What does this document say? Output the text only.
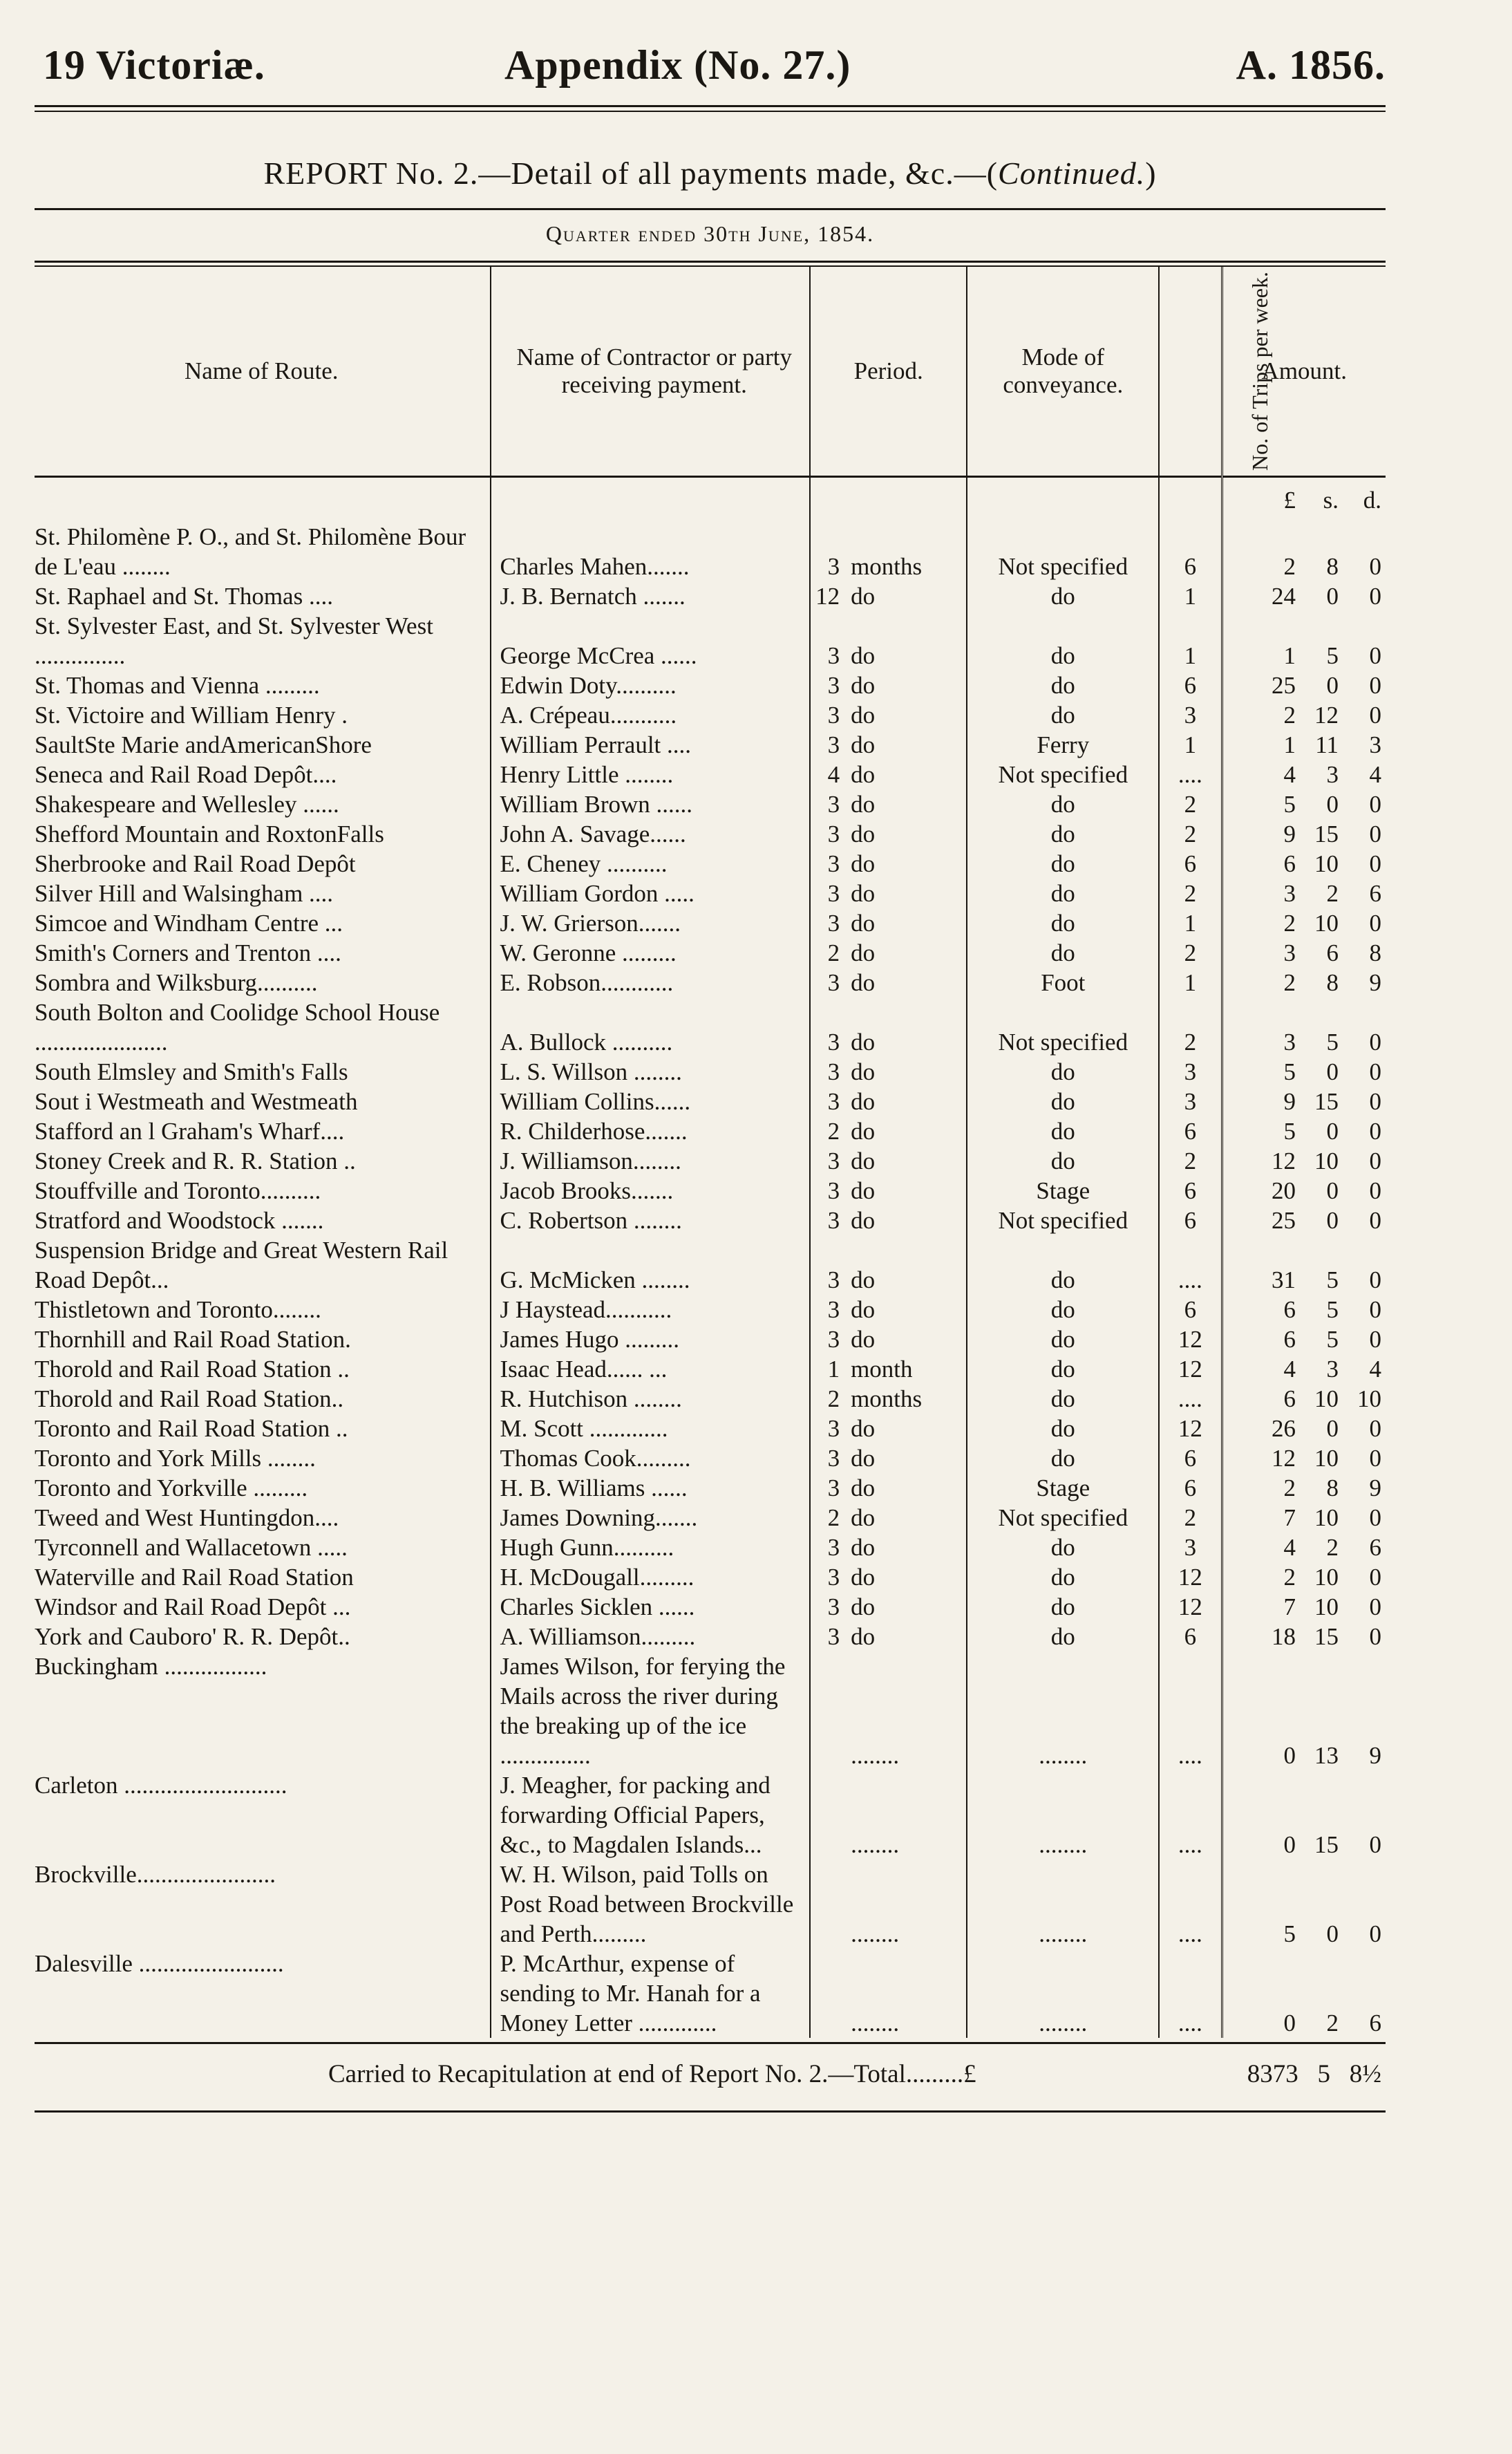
19 Victoriæ.	Appendix (No. 27.)	A. 1856.
REPORT No. 2.—Detail of all payments made, &c.—(Continued.)
Quarter ended 30th June, 1854.
Name of Route.	Name of Contractor or party receiving payment.	Period.	Mode of conveyance.	No. of Trips per week.	Amount.

					£ s. d.

St. Philomène P. O., and St. Philomène Bour de L'eau ........	Charles Mahen.......	3 months	Not specified	6	2 8 0

St. Raphael and St. Thomas ....	J. B. Bernatch .......	12 do	do	1	24 0 0

St. Sylvester East, and St. Sylvester West ...............	George McCrea ......	3 do	do	1	1 5 0

St. Thomas and Vienna .........	Edwin Doty..........	3 do	do	6	25 0 0

St. Victoire and William Henry .	A. Crépeau...........	3 do	do	3	2 12 0

SaultSte Marie andAmericanShore	William Perrault ....	3 do	Ferry	1	1 11 3

Seneca and Rail Road Depôt....	Henry Little ........	4 do	Not specified	....	4 3 4

Shakespeare and Wellesley ......	William Brown ......	3 do	do	2	5 0 0

Shefford Mountain and RoxtonFalls	John A. Savage......	3 do	do	2	9 15 0

Sherbrooke and Rail Road Depôt	E. Cheney ..........	3 do	do	6	6 10 0

Silver Hill and Walsingham ....	William Gordon .....	3 do	do	2	3 2 6

Simcoe and Windham Centre ...	J. W. Grierson.......	3 do	do	1	2 10 0

Smith's Corners and Trenton ....	W. Geronne .........	2 do	do	2	3 6 8

Sombra and Wilksburg..........	E. Robson............	3 do	Foot	1	2 8 9

South Bolton and Coolidge School House ......................	A. Bullock ..........	3 do	Not specified	2	3 5 0

South Elmsley and Smith's Falls	L. S. Willson ........	3 do	do	3	5 0 0

Sout i Westmeath and Westmeath	William Collins......	3 do	do	3	9 15 0

Stafford an l Graham's Wharf....	R. Childerhose.......	2 do	do	6	5 0 0

Stoney Creek and R. R. Station ..	J. Williamson........	3 do	do	2	12 10 0

Stouffville and Toronto..........	Jacob Brooks.......	3 do	Stage	6	20 0 0

Stratford and Woodstock .......	C. Robertson ........	3 do	Not specified	6	25 0 0

Suspension Bridge and Great Western Rail Road Depôt...	G. McMicken ........	3 do	do	....	31 5 0

Thistletown and Toronto........	J Haystead...........	3 do	do	6	6 5 0

Thornhill and Rail Road Station.	James Hugo .........	3 do	do	12	6 5 0

Thorold and Rail Road Station ..	Isaac Head...... ...	1 month	do	12	4 3 4

Thorold and Rail Road Station..	R. Hutchison ........	2 months	do	....	6 10 10

Toronto and Rail Road Station ..	M. Scott .............	3 do	do	12	26 0 0

Toronto and York Mills ........	Thomas Cook.........	3 do	do	6	12 10 0

Toronto and Yorkville .........	H. B. Williams ......	3 do	Stage	6	2 8 9

Tweed and West Huntingdon....	James Downing.......	2 do	Not specified	2	7 10 0

Tyrconnell and Wallacetown .....	Hugh Gunn..........	3 do	do	3	4 2 6

Waterville and Rail Road Station	H. McDougall.........	3 do	do	12	2 10 0

Windsor and Rail Road Depôt ...	Charles Sicklen ......	3 do	do	12	7 10 0

York and Cauboro' R. R. Depôt..	A. Williamson.........	3 do	do	6	18 15 0

Buckingham .................	James Wilson, for ferying the Mails across the river during the breaking up of the ice ...............	........	........	....	0 13 9

Carleton ...........................	J. Meagher, for packing and forwarding Official Papers, &c., to Magdalen Islands...	........	........	....	0 15 0

Brockville.......................	W. H. Wilson, paid Tolls on Post Road between Brockville and Perth.........	........	........	....	5 0 0

Dalesville ........................	P. McArthur, expense of sending to Mr. Hanah for a Money Letter .............	........	........	....	0 2 6
Carried to Recapitulation at end of Report No. 2.—Total.........£	8373 5 8½
